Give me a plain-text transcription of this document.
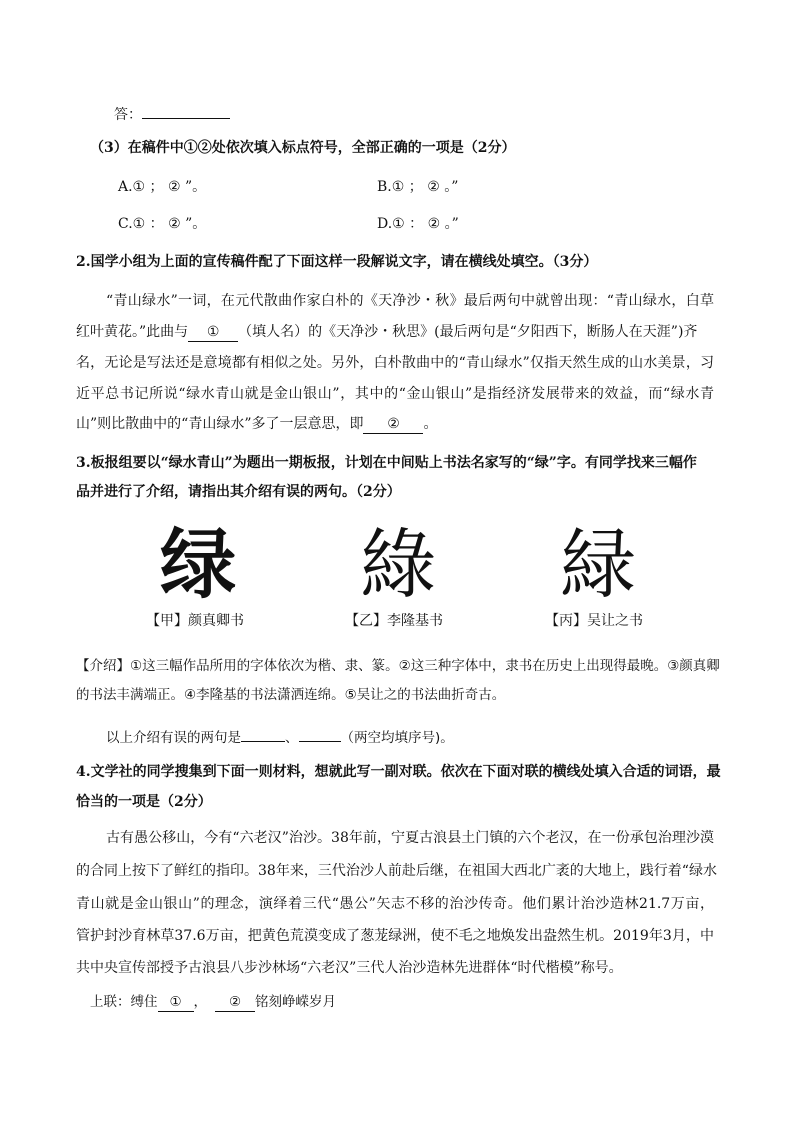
答：
（3）在稿件中①②处依次填入标点符号，全部正确的一项是（2分）
A.① ； ② ”。	B.① ； ② 。”
C.① ： ② ”。	D.① ： ② 。”
2.国学小组为上面的宣传稿件配了下面这样一段解说文字，请在横线处填空。（3分）
“青山绿水”一词，在元代散曲作家白朴的《天净沙・秋》最后两句中就曾出现：“青山绿水，白草
红叶黄花。”此曲与 ① （填人名）的《天净沙・秋思》(最后两句是“夕阳西下，断肠人在天涯”)齐
名，无论是写法还是意境都有相似之处。另外，白朴散曲中的“青山绿水”仅指天然生成的山水美景，习
近平总书记所说“绿水青山就是金山银山”，其中的“金山银山”是指经济发展带来的效益，而“绿水青
山”则比散曲中的“青山绿水”多了一层意思，即 ② 。
3.板报组要以“绿水青山”为题出一期板报，计划在中间贴上书法名家写的“绿”字。有同学找来三幅作
品并进行了介绍，请指出其介绍有误的两句。（2分）
绿 綠 緑
【甲】颜真卿书	【乙】李隆基书	【丙】吴让之书
【介绍】①这三幅作品所用的字体依次为楷、隶、篆。②这三种字体中，隶书在历史上出现得最晚。③颜真卿
的书法丰满端正。④李隆基的书法潇洒连绵。⑤吴让之的书法曲折奇古。
以上介绍有误的两句是	、	（两空均填序号)。
4.文学社的同学搜集到下面一则材料，想就此写一副对联。依次在下面对联的横线处填入合适的词语，最
恰当的一项是（2分）
古有愚公移山，今有“六老汉”治沙。38年前，宁夏古浪县土门镇的六个老汉，在一份承包治理沙漠
的合同上按下了鲜红的指印。38年来，三代治沙人前赴后继，在祖国大西北广袤的大地上，践行着“绿水
青山就是金山银山”的理念，演绎着三代“愚公”矢志不移的治沙传奇。他们累计治沙造林21.7万亩，
管护封沙育林草37.6万亩，把黄色荒漠变成了葱茏绿洲，使不毛之地焕发出盎然生机。2019年3月，中
共中央宣传部授予古浪县八步沙林场“六老汉”三代人治沙造林先进群体“时代楷模”称号。
上联：缚住 ① ， ② 铭刻峥嵘岁月
